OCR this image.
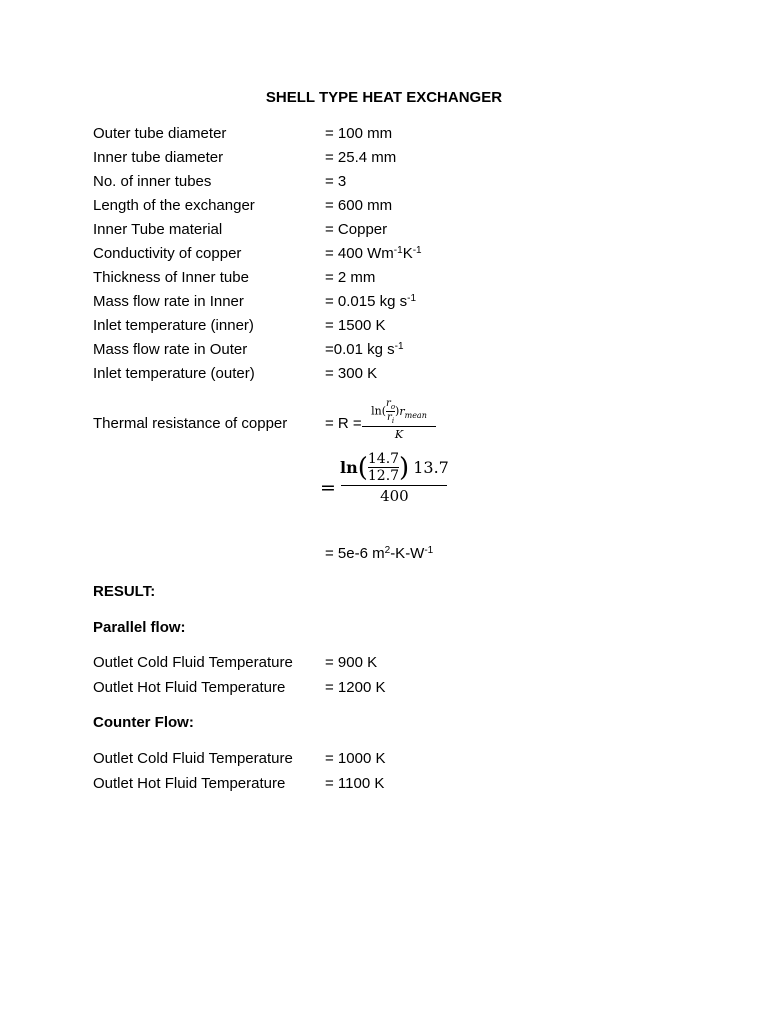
SHELL TYPE HEAT EXCHANGER
Outer tube diameter	= 100 mm
Inner tube diameter	= 25.4 mm
No. of inner tubes	= 3
Length of the exchanger	= 600 mm
Inner Tube material	= Copper
Conductivity of copper	= 400 $Wm^{-1}K^{-1}$
Thickness of Inner tube	= 2 mm
Mass flow rate in Inner	= 0.015 kg $s^{-1}$
Inlet temperature (inner)	= 1500 K
Mass flow rate in Outer	=0.01 kg $s^{-1}$
Inlet temperature (outer)	= 300 K
Thermal resistance of copper	= R =
$\ln( \frac{r_o}{r_i} )r_{mean}$
K
=
ln ( $\frac{14.7}{12.7}$ ) 13.7
400
= 5e-6 $m^2-K-W^{-1}$
RESULT:
Parallel flow:
Outlet Cold Fluid Temperature = 900 K
Outlet Hot Fluid Temperature	= 1200 K
Counter Flow:
Outlet Cold Fluid Temperature = 1000 K
Outlet Hot Fluid Temperature	= 1100 K
